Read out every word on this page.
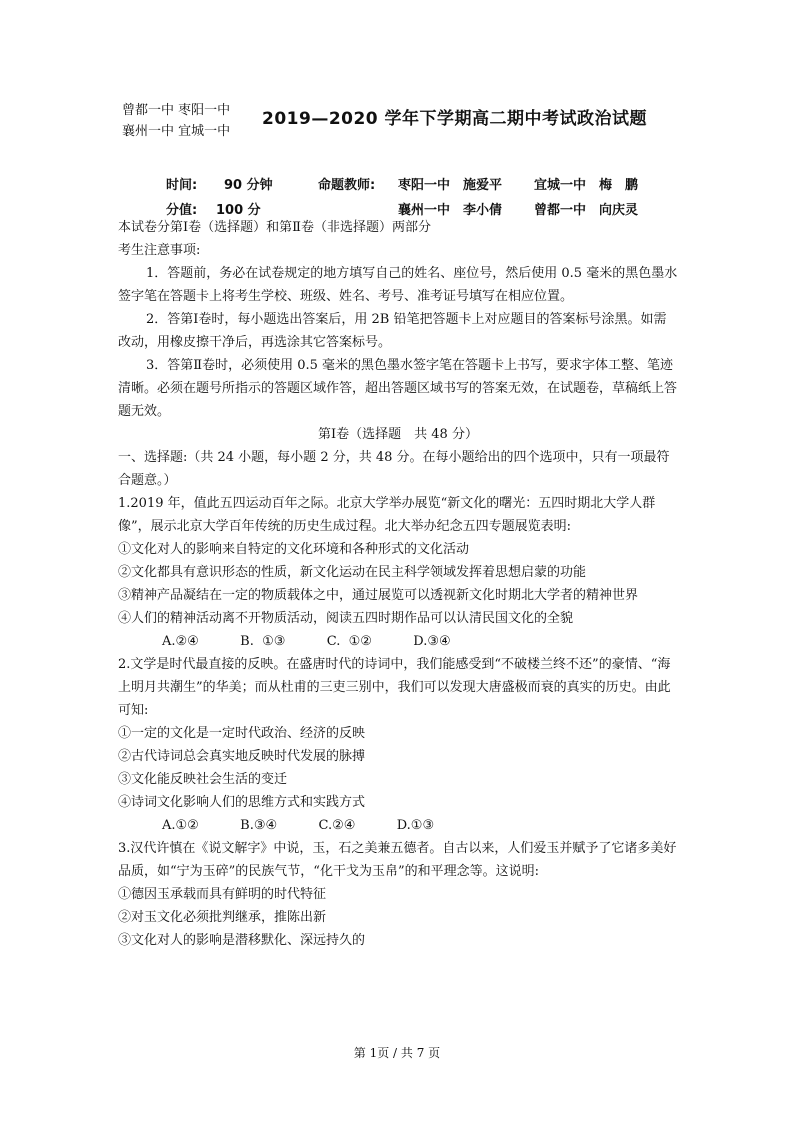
曾都一中 枣阳一中
襄州一中 宜城一中
2019—2020 学年下学期高二期中考试政治试题
时间: 90 分钟	命题教师: 枣阳一中　施爱平 宜城一中　梅　鹏
分值: 100 分	襄州一中　李小倩 曾都一中　向庆灵

本试卷分第Ⅰ卷（选择题）和第Ⅱ卷（非选择题）两部分

考生注意事项:

1．答题前，务必在试卷规定的地方填写自己的姓名、座位号，然后使用 0.5 毫米的黑色墨水签字笔在答题卡上将考生学校、班级、姓名、考号、准考证号填写在相应位置。

2．答第Ⅰ卷时，每小题选出答案后，用 2B 铅笔把答题卡上对应题目的答案标号涂黑。如需改动，用橡皮擦干净后，再选涂其它答案标号。

3．答第Ⅱ卷时，必须使用 0.5 毫米的黑色墨水签字笔在答题卡上书写，要求字体工整、笔迹清晰。必须在题号所指示的答题区域作答，超出答题区域书写的答案无效，在试题卷，草稿纸上答题无效。

第Ⅰ卷（选择题　共 48 分）

一、选择题:（共 24 小题，每小题 2 分，共 48 分。在每小题给出的四个选项中，只有一项最符合题意。）

1.2019 年，值此五四运动百年之际。北京大学举办展览“新文化的曙光：五四时期北大学人群像”，展示北京大学百年传统的历史生成过程。北大举办纪念五四专题展览表明:

①文化对人的影响来自特定的文化环境和各种形式的文化活动

②文化都具有意识形态的性质，新文化运动在民主科学领域发挥着思想启蒙的功能

③精神产品凝结在一定的物质载体之中，通过展览可以透视新文化时期北大学者的精神世界

④人们的精神活动离不开物质活动，阅读五四时期作品可以认清民国文化的全貌

A.②④          B.  ①③          C.  ①②          D.③④

2.文学是时代最直接的反映。在盛唐时代的诗词中，我们能感受到“不破楼兰终不还”的豪情、“海上明月共潮生”的华美；而从杜甫的三吏三别中，我们可以发现大唐盛极而衰的真实的历史。由此可知:

①一定的文化是一定时代政治、经济的反映

②古代诗词总会真实地反映时代发展的脉搏

③文化能反映社会生活的变迁

④诗词文化影响人们的思维方式和实践方式

A.①②          B.③④          C.②④          D.①③

3.汉代许慎在《说文解字》中说，玉，石之美兼五德者。自古以来，人们爱玉并赋予了它诸多美好品质，如“宁为玉碎”的民族气节，“化干戈为玉帛”的和平理念等。这说明:

①德因玉承载而具有鲜明的时代特征

②对玉文化必须批判继承，推陈出新

③文化对人的影响是潜移默化、深远持久的

第 1页 / 共 7 页
